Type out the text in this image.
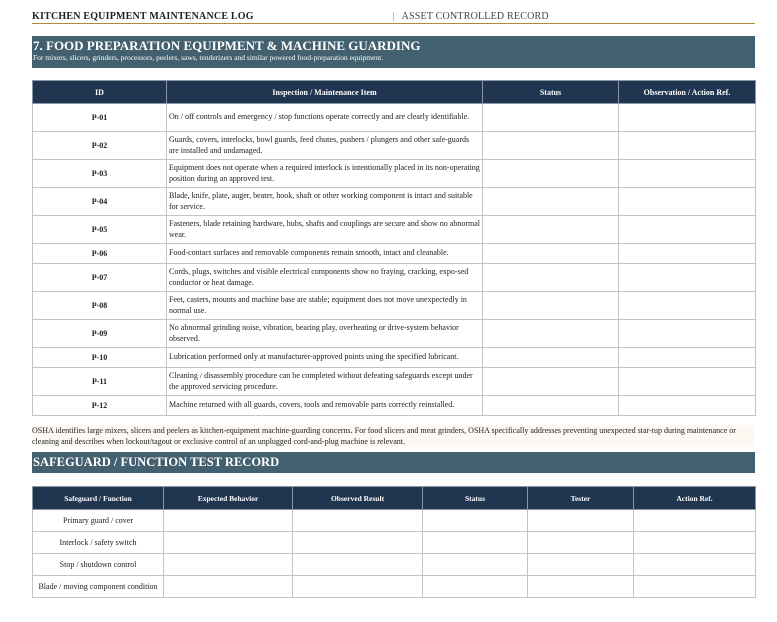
KITCHEN EQUIPMENT MAINTENANCE LOG	| ASSET CONTROLLED RECORD
7. FOOD PREPARATION EQUIPMENT & MACHINE GUARDING
For mixers, slicers, grinders, processors, peelers, saws, tenderizers and similar powered food-preparation equipment.
ID	Inspection / Maintenance Item	Status	Observation / Action Ref.
P-01	On / off controls and emergency / stop functions operate correctly and are clearly identifiable.		
P-02	Guards, covers, interlocks, bowl guards, feed chutes, pushers / plungers and other safe-guards are installed and undamaged.		
P-03	Equipment does not operate when a required interlock is intentionally placed in its non-operating position during an approved test.		
P-04	Blade, knife, plate, auger, beater, hook, shaft or other working component is intact and suitable for service.		
P-05	Fasteners, blade retaining hardware, hubs, shafts and couplings are secure and show no abnormal wear.		
P-06	Food-contact surfaces and removable components remain smooth, intact and cleanable.		
P-07	Cords, plugs, switches and visible electrical components show no fraying, cracking, expo-sed conductor or heat damage.		
P-08	Feet, casters, mounts and machine base are stable; equipment does not move unexpectedly in normal use.		
P-09	No abnormal grinding noise, vibration, bearing play, overheating or drive-system behavior observed.		
P-10	Lubrication performed only at manufacturer-approved points using the specified lubricant.		
P-11	Cleaning / disassembly procedure can be completed without defeating safeguards except under the approved servicing procedure.		
P-12	Machine returned with all guards, covers, tools and removable parts correctly reinstalled.		
OSHA identifies large mixers, slicers and peelers as kitchen-equipment machine-guarding concerns. For food slicers and meat grinders, OSHA specifically addresses preventing unexpected star-tup during maintenance or cleaning and describes when lockout/tagout or exclusive control of an unplugged cord-and-plug machine is relevant.
SAFEGUARD / FUNCTION TEST RECORD
Safeguard / Function	Expected Behavior	Observed Result	Status	Tester	Action Ref.
Primary guard / cover					
Interlock / safety switch					
Stop / shutdown control					
Blade / moving component condition					
